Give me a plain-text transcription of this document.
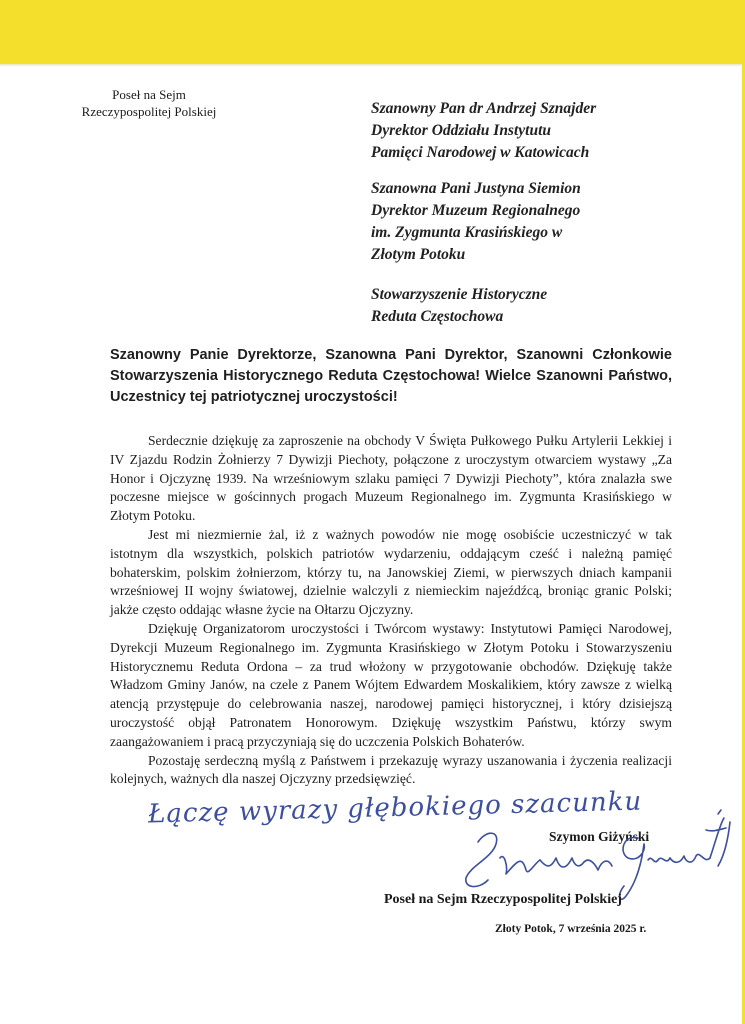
Poseł na Sejm
Rzeczypospolitej Polskiej	Szanowny Pan dr Andrzej Sznajder
Dyrektor Oddziału Instytutu
Pamięci Narodowej w Katowicach
Szanowna Pani Justyna Siemion
Dyrektor Muzeum Regionalnego
im. Zygmunta Krasińskiego w
Złotym Potoku
Stowarzyszenie Historyczne
Reduta Częstochowa
Szanowny Panie Dyrektorze, Szanowna Pani Dyrektor, Szanowni Członkowie Stowarzyszenia Historycznego Reduta Częstochowa! Wielce Szanowni Państwo, Uczestnicy tej patriotycznej uroczystości!

Serdecznie dziękuję za zaproszenie na obchody V Święta Pułkowego Pułku Artylerii Lekkiej i IV Zjazdu Rodzin Żołnierzy 7 Dywizji Piechoty, połączone z uroczystym otwarciem wystawy „Za Honor i Ojczyznę 1939. Na wrześniowym szlaku pamięci 7 Dywizji Piechoty”, która znalazła swe poczesne miejsce w gościnnych progach Muzeum Regionalnego im. Zygmunta Krasińskiego w Złotym Potoku.

Jest mi niezmiernie żal, iż z ważnych powodów nie mogę osobiście uczestniczyć w tak istotnym dla wszystkich, polskich patriotów wydarzeniu, oddającym cześć i należną pamięć bohaterskim, polskim żołnierzom, którzy tu, na Janowskiej Ziemi, w pierwszych dniach kampanii wrześniowej II wojny światowej, dzielnie walczyli z niemieckim najeźdźcą, broniąc granic Polski; jakże często oddając własne życie na Ołtarzu Ojczyzny.

Dziękuję Organizatorom uroczystości i Twórcom wystawy: Instytutowi Pamięci Narodowej, Dyrekcji Muzeum Regionalnego im. Zygmunta Krasińskiego w Złotym Potoku i Stowarzyszeniu Historycznemu Reduta Ordona – za trud włożony w przygotowanie obchodów. Dziękuję także Władzom Gminy Janów, na czele z Panem Wójtem Edwardem Moskalikiem, który zawsze z wielką atencją przystępuje do celebrowania naszej, narodowej pamięci historycznej, i który dzisiejszą uroczystość objął Patronatem Honorowym. Dziękuję wszystkim Państwu, którzy swym zaangażowaniem i pracą przyczyniają się do uczczenia Polskich Bohaterów.

Pozostaję serdeczną myślą z Państwem i przekazuję wyrazy uszanowania i życzenia realizacji kolejnych, ważnych dla naszej Ojczyzny przedsięwzięć.

Łączę wyrazy głębokiego szacunku
Szymon Giżyński
Poseł na Sejm Rzeczypospolitej Polskiej
Złoty Potok, 7 września 2025 r.
